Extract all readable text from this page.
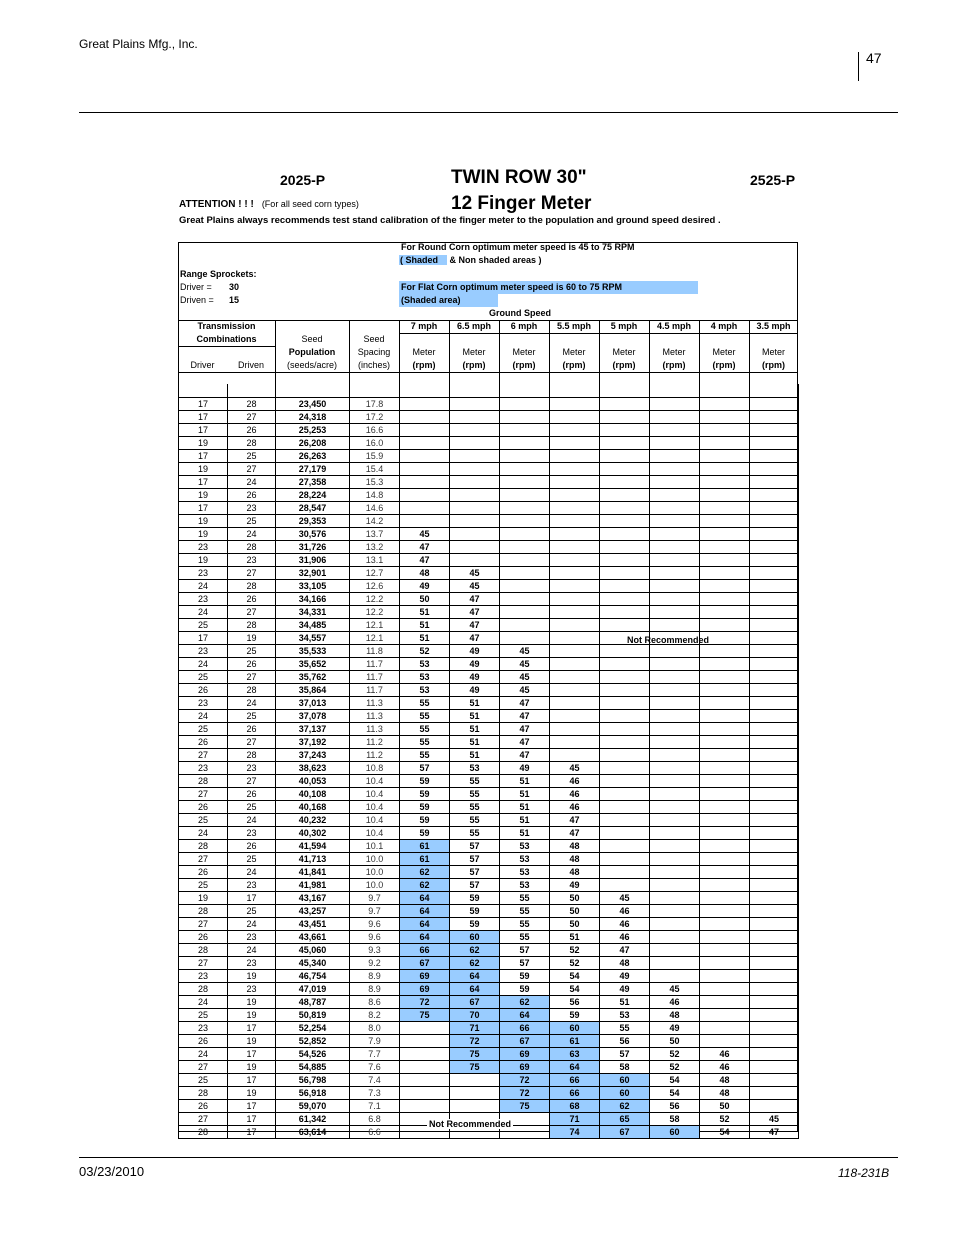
Great Plains Mfg., Inc.
47
2025-P	2525-P
TWIN ROW 30"
12 Finger Meter
ATTENTION ! ! ! (For all seed corn types)
Great Plains always recommends test stand calibration of the finger meter to the population and ground speed desired .
For Round Corn optimum meter speed is 45 to 75 RPM
( Shaded & Non shaded areas )
Range Sprockets:
Driver = 30
Driven = 15
For Flat Corn optimum meter speed is 60 to 75 RPM
(Shaded area)
Ground Speed
Transmission
Combinations
Driver	Driven
Seed
Population
(seeds/acre)
Seed
Spacing
(inches)
7 mph	6.5 mph	6 mph	5.5 mph	5 mph	4.5 mph	4 mph	3.5 mph
Meter
(rpm)
Meter
(rpm)
Meter
(rpm)
Meter
(rpm)
Meter
(rpm)
Meter
(rpm)
Meter
(rpm)
Meter
(rpm)

17	28	23,450	17.8								
17	27	24,318	17.2								
17	26	25,253	16.6								
19	28	26,208	16.0								
17	25	26,263	15.9								
19	27	27,179	15.4								
17	24	27,358	15.3								
19	26	28,224	14.8								
17	23	28,547	14.6								
19	25	29,353	14.2								
19	24	30,576	13.7	45							
23	28	31,726	13.2	47							
19	23	31,906	13.1	47							
23	27	32,901	12.7	48	45						
24	28	33,105	12.6	49	45						
23	26	34,166	12.2	50	47						
24	27	34,331	12.2	51	47						
25	28	34,485	12.1	51	47						
17	19	34,557	12.1	51	47						
23	25	35,533	11.8	52	49	45					
24	26	35,652	11.7	53	49	45					
25	27	35,762	11.7	53	49	45					
26	28	35,864	11.7	53	49	45					
23	24	37,013	11.3	55	51	47					
24	25	37,078	11.3	55	51	47					
25	26	37,137	11.3	55	51	47					
26	27	37,192	11.2	55	51	47					
27	28	37,243	11.2	55	51	47					
23	23	38,623	10.8	57	53	49	45				
28	27	40,053	10.4	59	55	51	46				
27	26	40,108	10.4	59	55	51	46				
26	25	40,168	10.4	59	55	51	46				
25	24	40,232	10.4	59	55	51	47				
24	23	40,302	10.4	59	55	51	47				
28	26	41,594	10.1	61	57	53	48				
27	25	41,713	10.0	61	57	53	48				
26	24	41,841	10.0	62	57	53	48				
25	23	41,981	10.0	62	57	53	49				
19	17	43,167	9.7	64	59	55	50	45			
28	25	43,257	9.7	64	59	55	50	46			
27	24	43,451	9.6	64	59	55	50	46			
26	23	43,661	9.6	64	60	55	51	46			
28	24	45,060	9.3	66	62	57	52	47			
27	23	45,340	9.2	67	62	57	52	48			
23	19	46,754	8.9	69	64	59	54	49			
28	23	47,019	8.9	69	64	59	54	49	45		
24	19	48,787	8.6	72	67	62	56	51	46		
25	19	50,819	8.2	75	70	64	59	53	48		
23	17	52,254	8.0		71	66	60	55	49		
26	19	52,852	7.9		72	67	61	56	50		
24	17	54,526	7.7		75	69	63	57	52	46	
27	19	54,885	7.6		75	69	64	58	52	46	
25	17	56,798	7.4			72	66	60	54	48	
28	19	56,918	7.3			72	66	60	54	48	
26	17	59,070	7.1			75	68	62	56	50	
27	17	61,342	6.8				71	65	58	52	45
28	17	63,614	6.6				74	67	60	54	47
Not Recommended
Not Recommended
03/23/2010	118-231B
